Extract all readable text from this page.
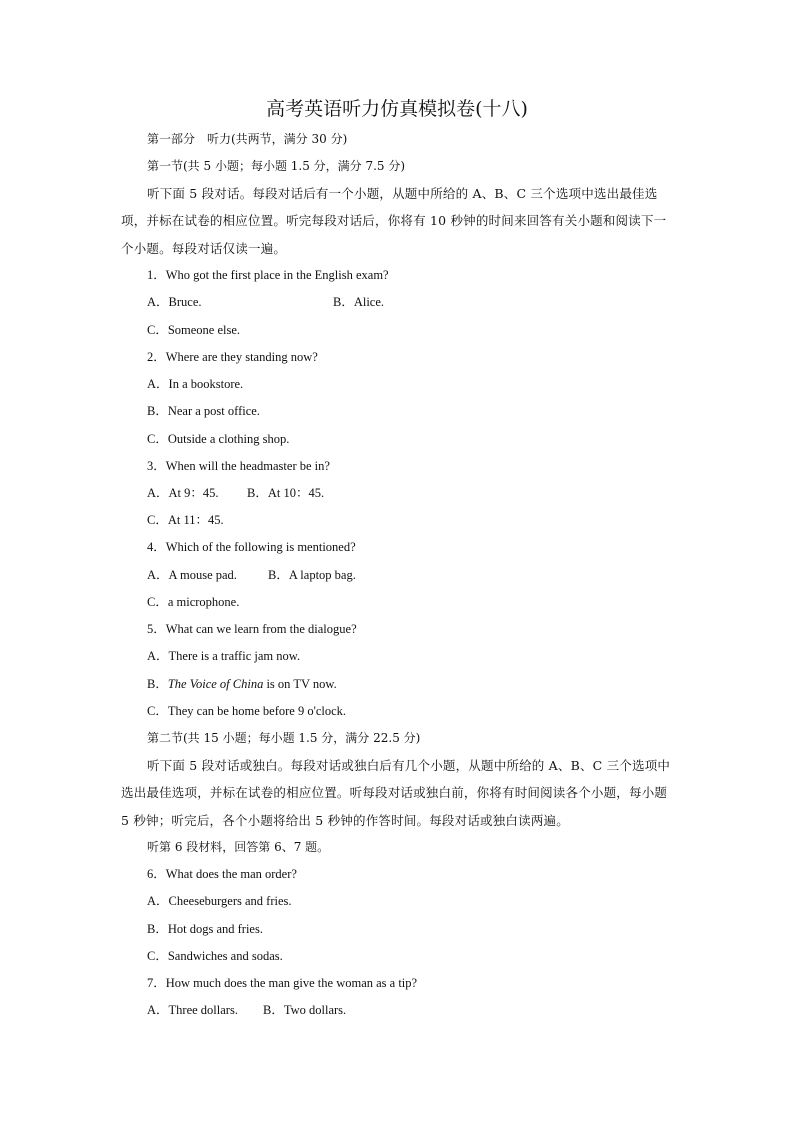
高考英语听力仿真模拟卷(十八)
第一部分　听力(共两节，满分 30 分)
第一节(共 5 小题；每小题 1.5 分，满分 7.5 分)
听下面 5 段对话。每段对话后有一个小题，从题中所给的 A、B、C 三个选项中选出最佳选项，并标在试卷的相应位置。听完每段对话后，你将有 10 秒钟的时间来回答有关小题和阅读下一个小题。每段对话仅读一遍。
1．Who got the first place in the English exam?
A．Bruce.	B．Alice.
C．Someone else.
2．Where are they standing now?
A．In a bookstore.
B．Near a post office.
C．Outside a clothing shop.
3．When will the headmaster be in?
A．At 9：45. B．At 10：45.
C．At 11：45.
4．Which of the following is mentioned?
A．A mouse pad. B．A laptop bag.
C．a microphone.
5．What can we learn from the dialogue?
A．There is a traffic jam now.
B．The Voice of China is on TV now.
C．They can be home before 9 o'clock.
第二节(共 15 小题；每小题 1.5 分，满分 22.5 分)
听下面 5 段对话或独白。每段对话或独白后有几个小题，从题中所给的 A、B、C 三个选项中选出最佳选项，并标在试卷的相应位置。听每段对话或独白前，你将有时间阅读各个小题，每小题 5 秒钟；听完后，各个小题将给出 5 秒钟的作答时间。每段对话或独白读两遍。
听第 6 段材料，回答第 6、7 题。
6．What does the man order?
A．Cheeseburgers and fries.
B．Hot dogs and fries.
C．Sandwiches and sodas.
7．How much does the man give the woman as a tip?
A．Three dollars. B．Two dollars.
